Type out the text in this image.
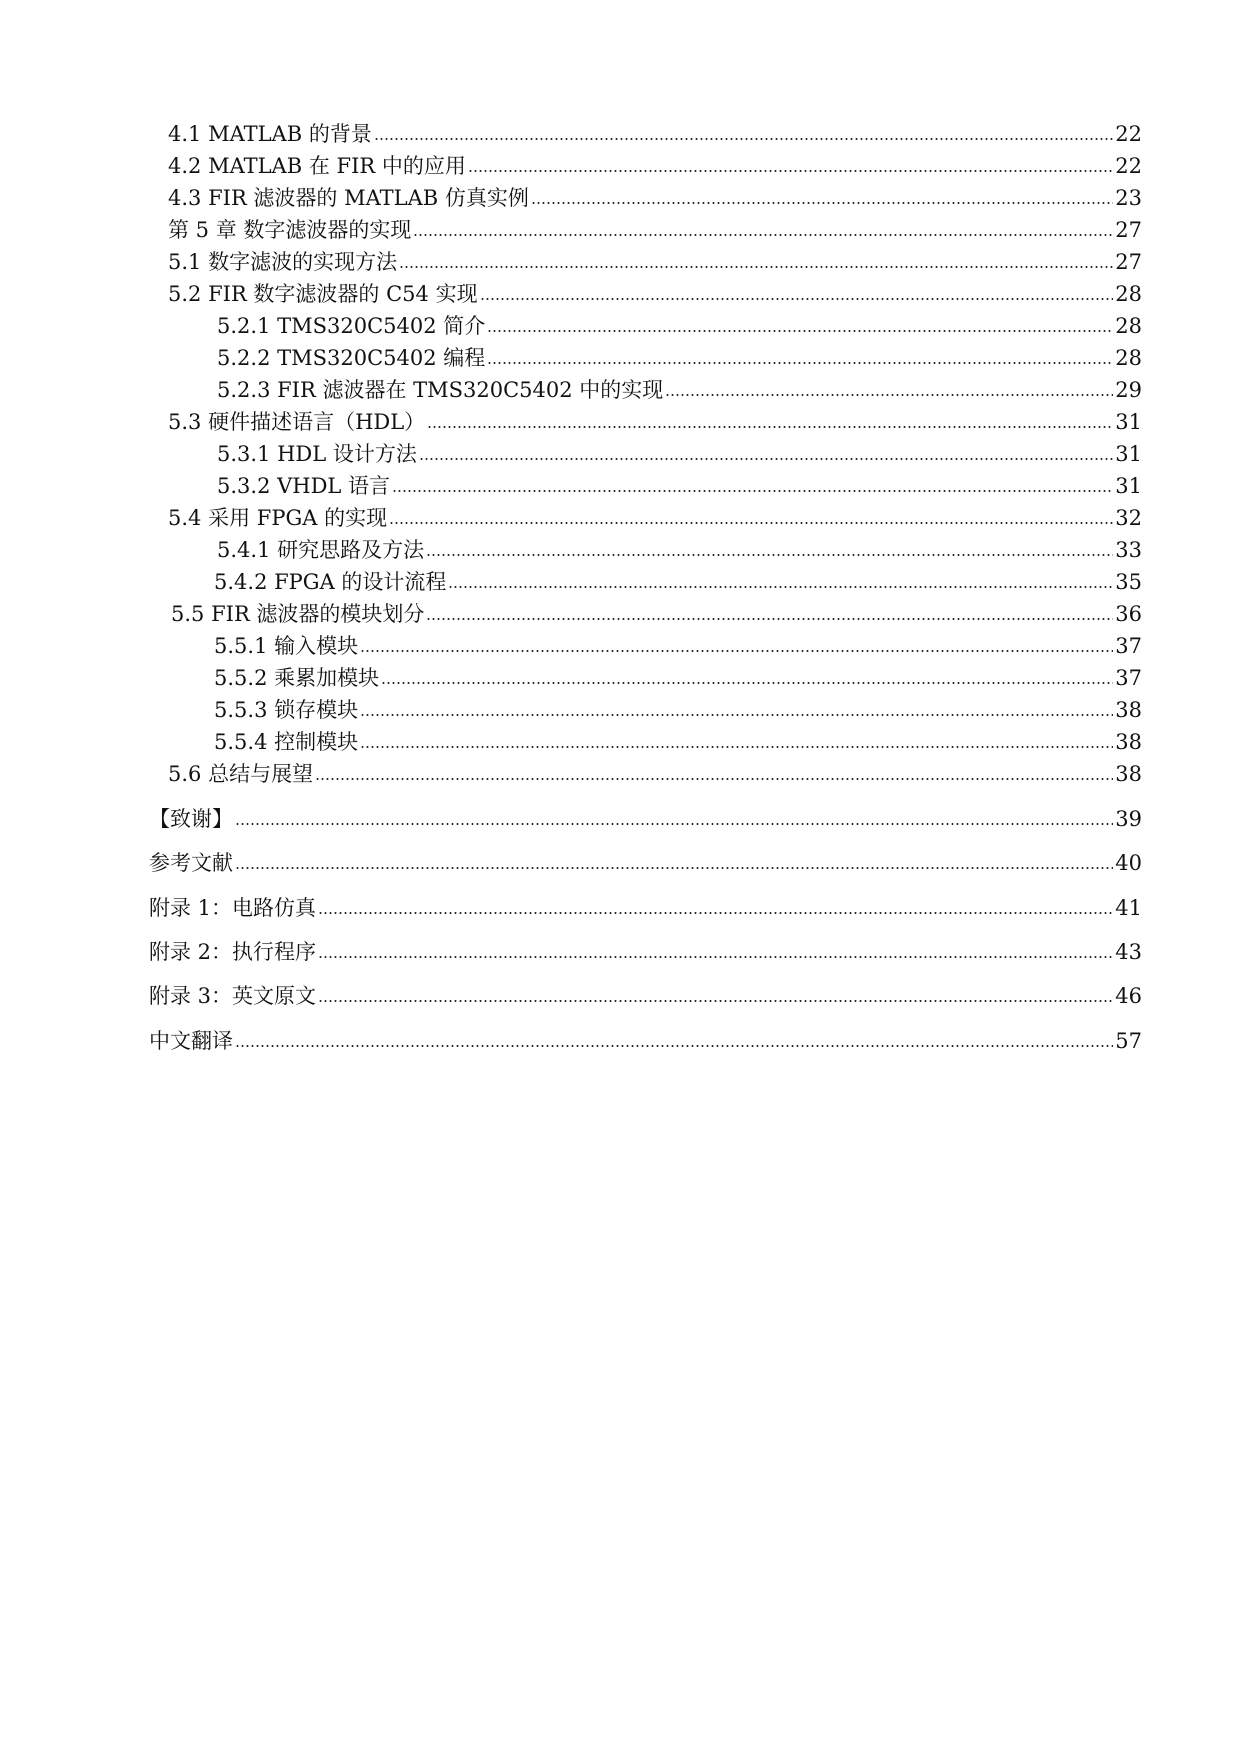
4.1 MATLAB 的背景	22
4.2 MATLAB 在 FIR 中的应用	22
4.3 FIR 滤波器的 MATLAB 仿真实例	23
第 5 章 数字滤波器的实现	27
5.1 数字滤波的实现方法	27
5.2 FIR 数字滤波器的 C54 实现	28
5.2.1 TMS320C5402 简介	28
5.2.2 TMS320C5402 编程	28
5.2.3 FIR 滤波器在 TMS320C5402 中的实现	29
5.3 硬件描述语言（HDL）	31
5.3.1 HDL 设计方法	31
5.3.2 VHDL 语言	31
5.4 采用 FPGA 的实现	32
5.4.1 研究思路及方法	33
5.4.2 FPGA 的设计流程	35
5.5 FIR 滤波器的模块划分	36
5.5.1 输入模块	37
5.5.2 乘累加模块	37
5.5.3 锁存模块	38
5.5.4 控制模块	38
5.6 总结与展望	38
【致谢】	39
参考文献	40
附录 1：电路仿真	41
附录 2：执行程序	43
附录 3：英文原文	46
中文翻译	57
